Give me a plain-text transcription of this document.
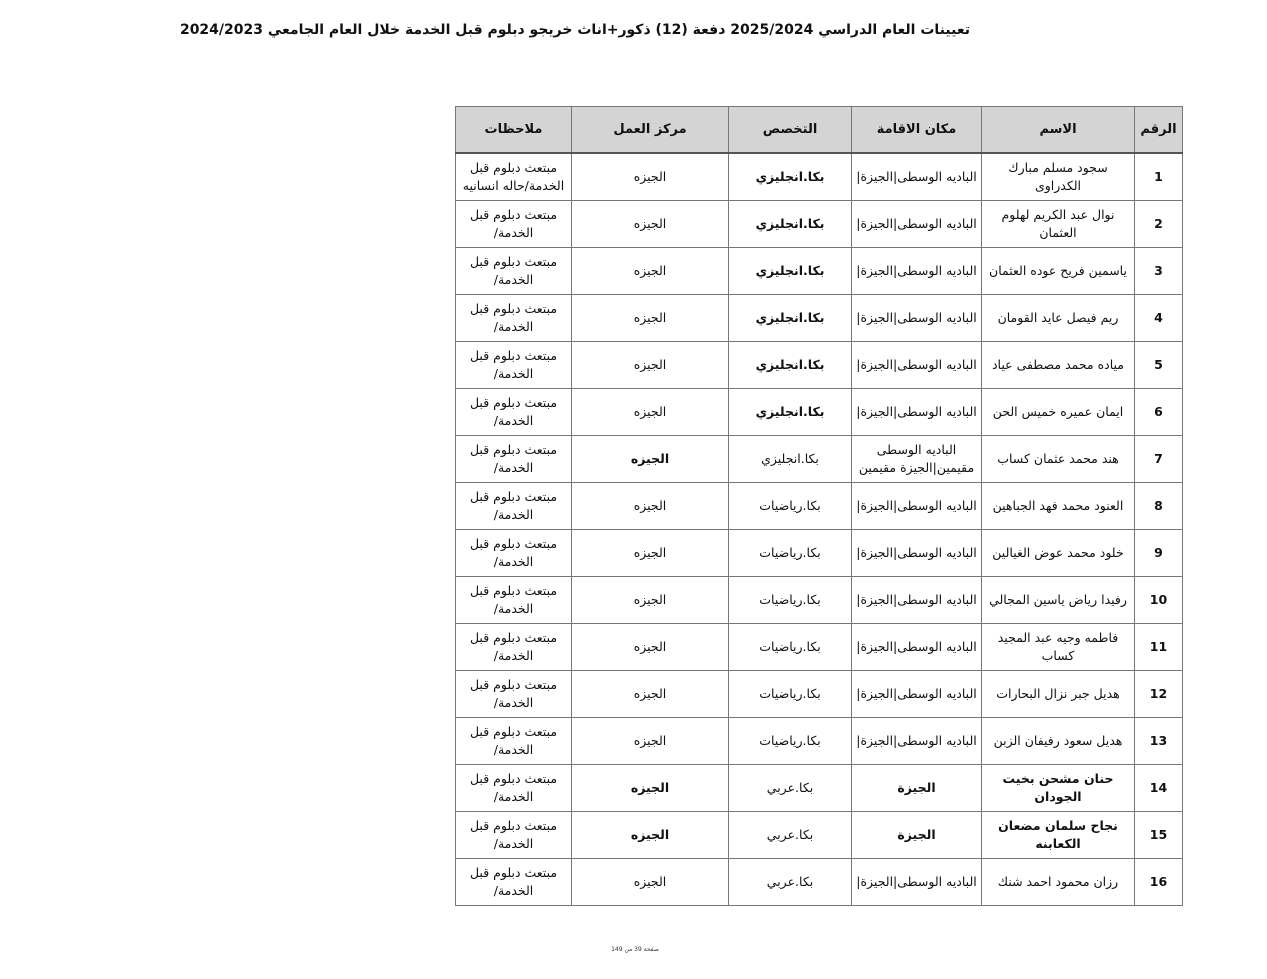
تعيينات العام الدراسي 2025/2024 دفعة (12) ذكور+اناث خريجو دبلوم قبل الخدمة خلال العام الجامعي 2024/2023
الرقم	الاسم	مكان الاقامة	التخصص	مركز العمل	ملاحظات
1	سجود مسلم مبارك الكدراوى	الباديه الوسطى|الجيزة|	بكا.انجليزي	الجيزه	مبتعث دبلوم قبل الخدمة/حاله انسانيه
2	نوال عبد الكريم لهلوم العثمان	الباديه الوسطى|الجيزة|	بكا.انجليزي	الجيزه	مبتعث دبلوم قبل الخدمة/
3	ياسمين فريح عوده العثمان	الباديه الوسطى|الجيزة|	بكا.انجليزي	الجيزه	مبتعث دبلوم قبل الخدمة/
4	ريم فيصل عايد القومان	الباديه الوسطى|الجيزة|	بكا.انجليزي	الجيزه	مبتعث دبلوم قبل الخدمة/
5	مياده محمد مصطفى عياد	الباديه الوسطى|الجيزة|	بكا.انجليزي	الجيزه	مبتعث دبلوم قبل الخدمة/
6	ايمان عميره خميس الحن	الباديه الوسطى|الجيزة|	بكا.انجليزي	الجيزه	مبتعث دبلوم قبل الخدمة/
7	هند محمد عثمان كساب	الباديه الوسطى مقيمين|الجيزة مقيمين	بكا.انجليزي	الجيزه	مبتعث دبلوم قبل الخدمة/
8	العنود محمد فهد الجباهين	الباديه الوسطى|الجيزة|	بكا.رياضيات	الجيزه	مبتعث دبلوم قبل الخدمة/
9	خلود محمد عوض الغيالين	الباديه الوسطى|الجيزة|	بكا.رياضيات	الجيزه	مبتعث دبلوم قبل الخدمة/
10	رفيدا رياض ياسين المجالي	الباديه الوسطى|الجيزة|	بكا.رياضيات	الجيزه	مبتعث دبلوم قبل الخدمة/
11	فاطمه وجيه عبد المجيد كساب	الباديه الوسطى|الجيزة|	بكا.رياضيات	الجيزه	مبتعث دبلوم قبل الخدمة/
12	هديل جبر نزال البحارات	الباديه الوسطى|الجيزة|	بكا.رياضيات	الجيزه	مبتعث دبلوم قبل الخدمة/
13	هديل سعود رفيفان الزبن	الباديه الوسطى|الجيزة|	بكا.رياضيات	الجيزه	مبتعث دبلوم قبل الخدمة/
14	حنان مشحن بخيت الجودان	الجيزة	بكا.عربي	الجيزه	مبتعث دبلوم قبل الخدمة/
15	نجاح سلمان مضعان الكعابنه	الجيزة	بكا.عربي	الجيزه	مبتعث دبلوم قبل الخدمة/
16	رزان محمود احمد شنك	الباديه الوسطى|الجيزة|	بكا.عربي	الجيزه	مبتعث دبلوم قبل الخدمة/
صفحة 39 من 149
